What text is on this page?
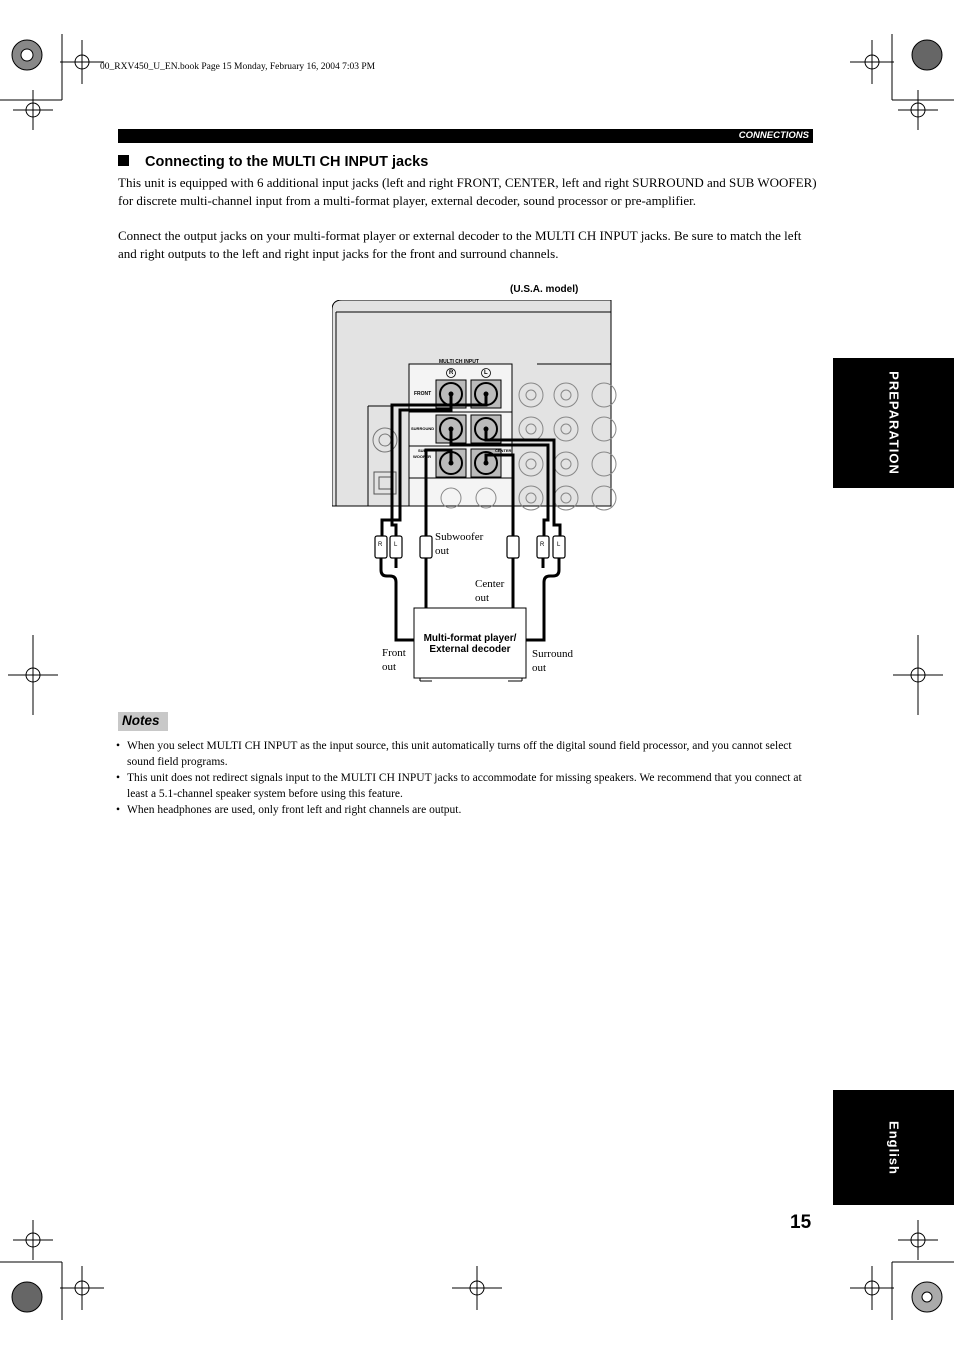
00_RXV450_U_EN.book Page 15 Monday, February 16, 2004 7:03 PM
CONNECTIONS
Connecting to the MULTI CH INPUT jacks
This unit is equipped with 6 additional input jacks (left and right FRONT, CENTER, left and right SURROUND and SUB WOOFER) for discrete multi-channel input from a multi-format player, external decoder, sound processor or pre-amplifier.
Connect the output jacks on your multi-format player or external decoder to the MULTI CH INPUT jacks. Be sure to match the left and right outputs to the left and right input jacks for the front and surround channels.
(U.S.A. model)
MULTI CH INPUT
R	L
FRONT
SURROUND
SUB
WOOFER
CENTER
R L	R L
Subwoofer
out
Center
out
Front
out
Surround
out
Multi-format player/
External decoder
PREPARATION
English
Notes
• When you select MULTI CH INPUT as the input source, this unit automatically turns off the digital sound field processor, and you cannot select sound field programs.
• This unit does not redirect signals input to the MULTI CH INPUT jacks to accommodate for missing speakers. We recommend that you connect at least a 5.1-channel speaker system before using this feature.
• When headphones are used, only front left and right channels are output.
15
